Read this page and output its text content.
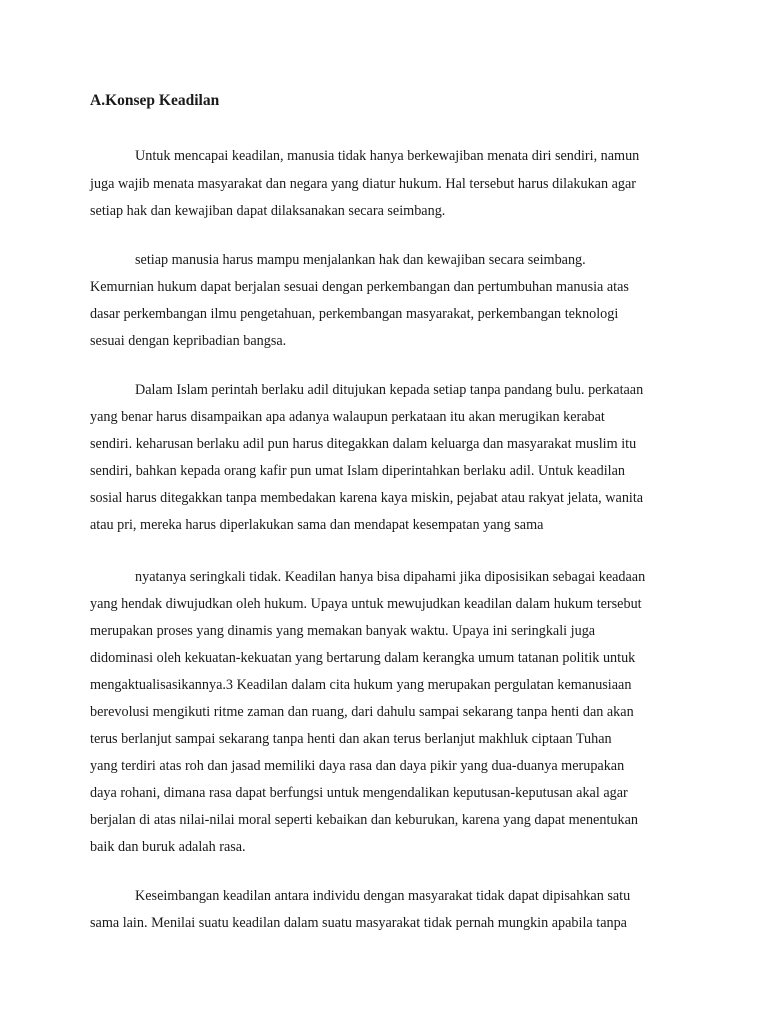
A.Konsep Keadilan
Untuk mencapai keadilan, manusia tidak hanya berkewajiban menata diri sendiri, namun
juga wajib menata masyarakat dan negara yang diatur hukum. Hal tersebut harus dilakukan agar
setiap hak dan kewajiban dapat dilaksanakan secara seimbang.
setiap manusia harus mampu menjalankan hak dan kewajiban secara seimbang.
Kemurnian hukum dapat berjalan sesuai dengan perkembangan dan pertumbuhan manusia atas
dasar perkembangan ilmu pengetahuan, perkembangan masyarakat, perkembangan teknologi
sesuai dengan kepribadian bangsa.
Dalam Islam perintah berlaku adil ditujukan kepada setiap tanpa pandang bulu. perkataan
yang benar harus disampaikan apa adanya walaupun perkataan itu akan merugikan kerabat
sendiri. keharusan berlaku adil pun harus ditegakkan dalam keluarga dan masyarakat muslim itu
sendiri, bahkan kepada orang kafir pun umat Islam diperintahkan berlaku adil. Untuk keadilan
sosial harus ditegakkan tanpa membedakan karena kaya miskin, pejabat atau rakyat jelata, wanita
atau pri, mereka harus diperlakukan sama dan mendapat kesempatan yang sama
nyatanya seringkali tidak. Keadilan hanya bisa dipahami jika diposisikan sebagai keadaan
yang hendak diwujudkan oleh hukum. Upaya untuk mewujudkan keadilan dalam hukum tersebut
merupakan proses yang dinamis yang memakan banyak waktu. Upaya ini seringkali juga
didominasi oleh kekuatan-kekuatan yang bertarung dalam kerangka umum tatanan politik untuk
mengaktualisasikannya.3 Keadilan dalam cita hukum yang merupakan pergulatan kemanusiaan
berevolusi mengikuti ritme zaman dan ruang, dari dahulu sampai sekarang tanpa henti dan akan
terus berlanjut sampai sekarang tanpa henti dan akan terus berlanjut makhluk ciptaan Tuhan
yang terdiri atas roh dan jasad memiliki daya rasa dan daya pikir yang dua-duanya merupakan
daya rohani, dimana rasa dapat berfungsi untuk mengendalikan keputusan-keputusan akal agar
berjalan di atas nilai-nilai moral seperti kebaikan dan keburukan, karena yang dapat menentukan
baik dan buruk adalah rasa.
Keseimbangan keadilan antara individu dengan masyarakat tidak dapat dipisahkan satu
sama lain. Menilai suatu keadilan dalam suatu masyarakat tidak pernah mungkin apabila tanpa
